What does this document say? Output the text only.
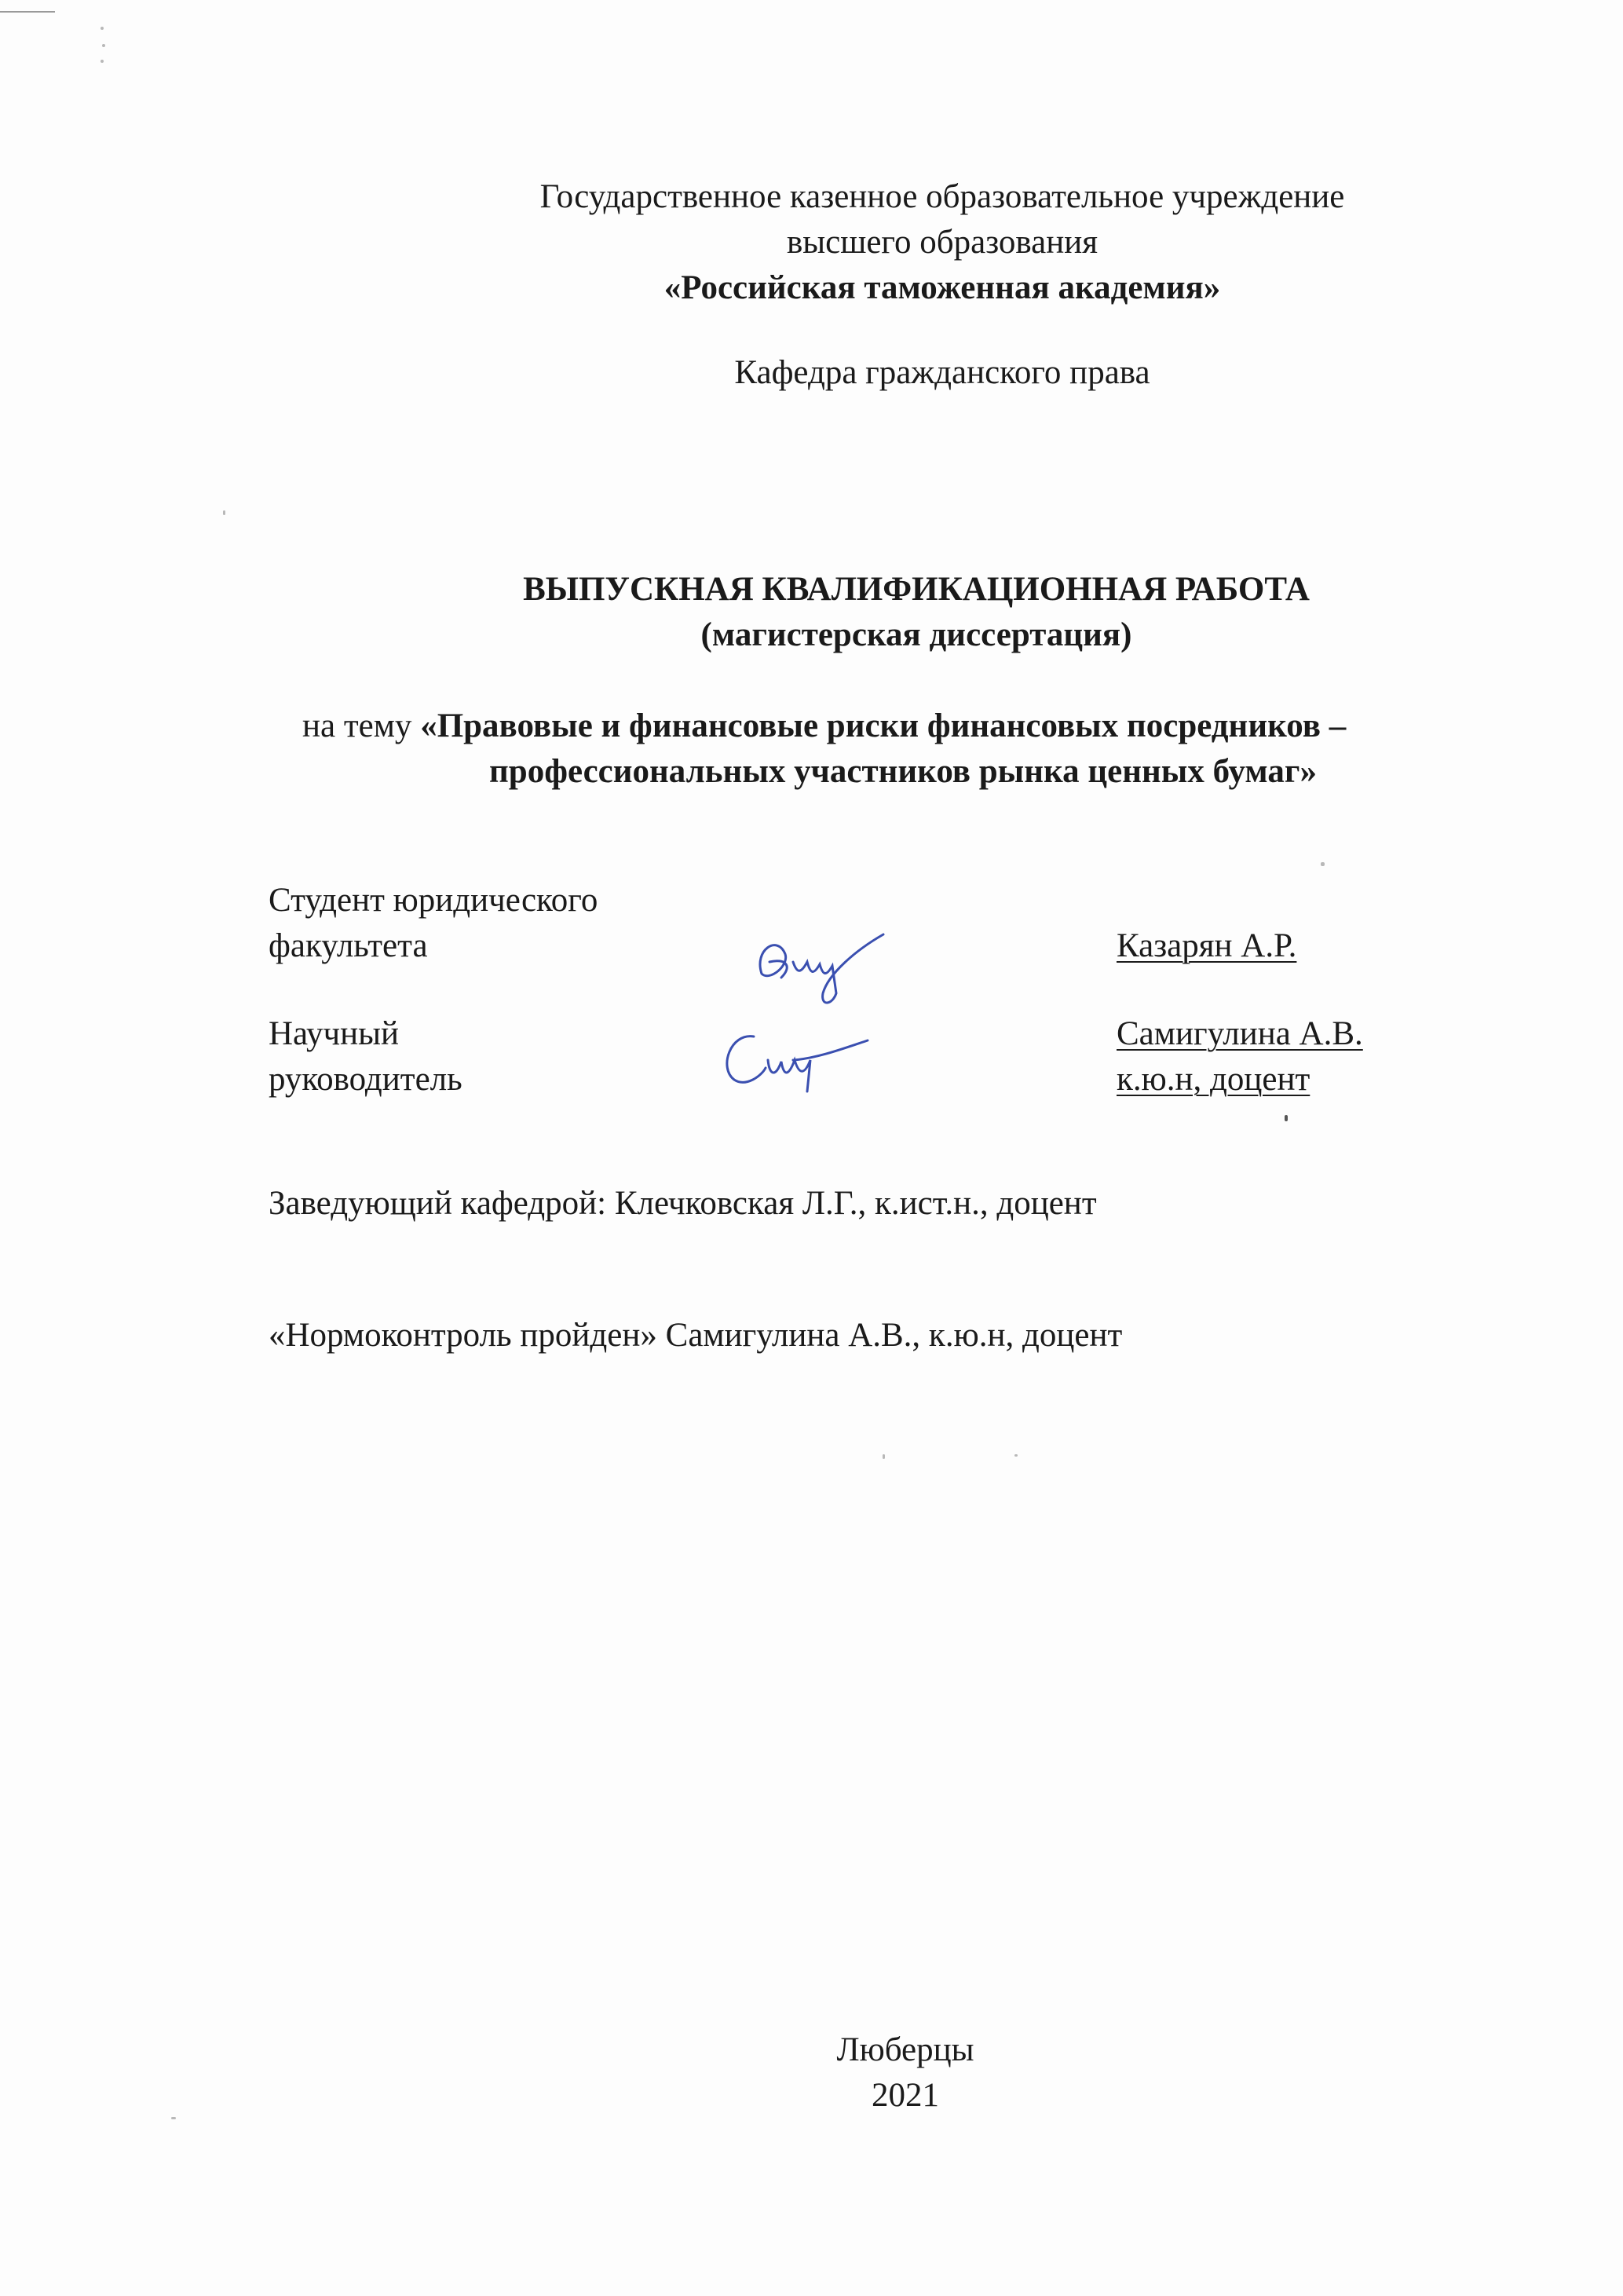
Государственное казенное образовательное учреждение
высшего образования
«Российская таможенная академия»
Кафедра гражданского права
ВЫПУСКНАЯ КВАЛИФИКАЦИОННАЯ РАБОТА
(магистерская диссертация)
на тему «Правовые и финансовые риски финансовых посредников –
профессиональных участников рынка ценных бумаг»
Студент юридического
факультета	Казарян А.Р.
Научный
руководитель
Самигулина А.В.
к.ю.н, доцент
Заведующий кафедрой: Клечковская Л.Г., к.ист.н., доцент
«Нормоконтроль пройден» Самигулина А.В., к.ю.н, доцент
Люберцы
2021
